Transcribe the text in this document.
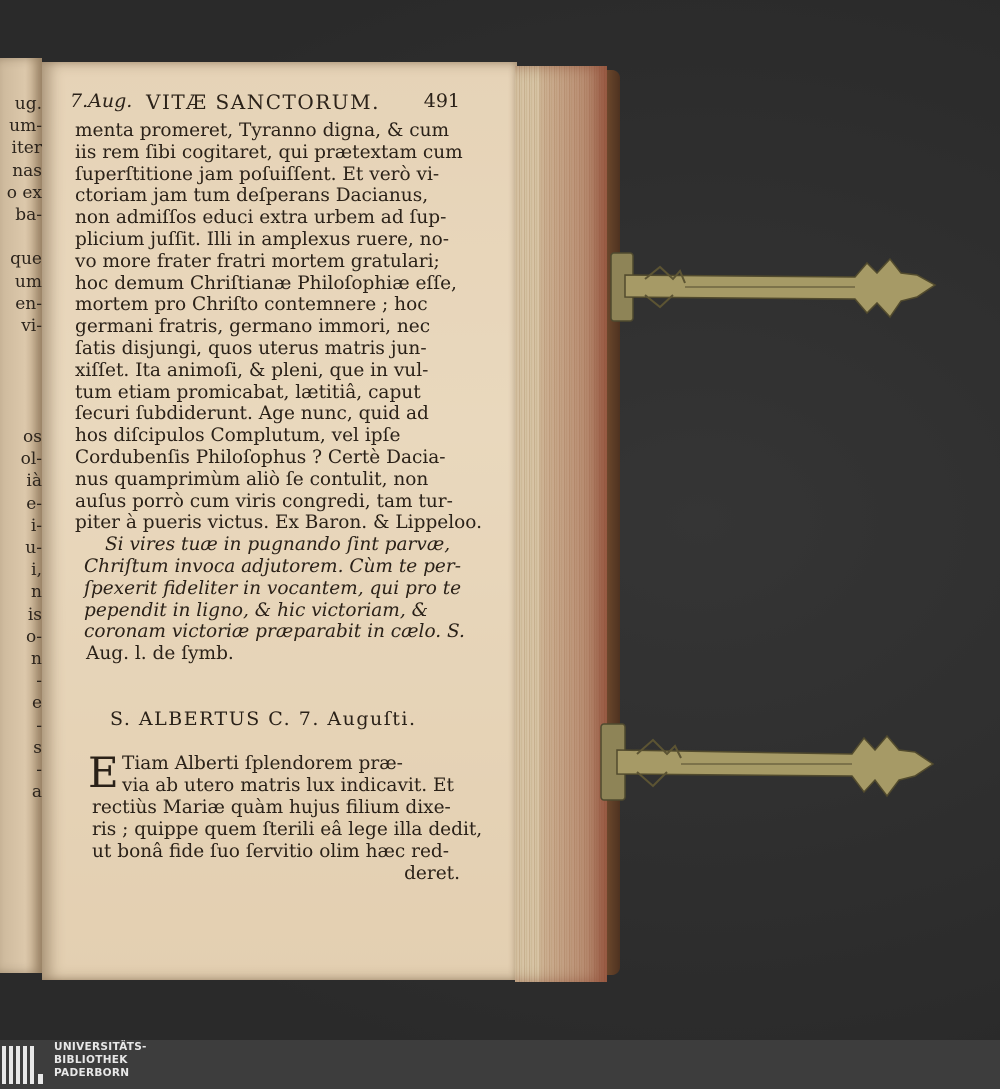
ug.
um-
iter
nas
o ex
ba-
que
um
en-
vi-
os
ol-
ià
e-
i-
u-
i,
n
is
o-
n
-
e
-
s
-
a
7.Aug. VITÆ SANCTORUM. 491
menta promeret, Tyranno digna, & cum
iis rem ſibi cogitaret, qui prætextam cum
ſuperſtitione jam poſuiſſent. Et verò vi-
ctoriam jam tum deſperans Dacianus,
non admiſſos educi extra urbem ad ſup-
plicium juſſit. Illi in amplexus ruere, no-
vo more frater fratri mortem gratulari;
hoc demum Chriſtianæ Philoſophiæ eſſe,
mortem pro Chriſto contemnere ; hoc
germani fratris, germano immori, nec
ſatis disjungi, quos uterus matris jun-
xiſſet. Ita animoſi, & pleni, que in vul-
tum etiam promicabat, lætitiâ, caput
ſecuri ſubdiderunt. Age nunc, quid ad
hos diſcipulos Complutum, vel ipſe
Cordubenſis Philoſophus ? Certè Dacia-
nus quamprimùm aliò ſe contulit, non
auſus porrò cum viris congredi, tam tur-
piter à pueris victus. Ex Baron. & Lippeloo.
Si vires tuæ in pugnando ſint parvæ,
Chriſtum invoca adjutorem. Cùm te per-
ſpexerit fideliter in vocantem, qui pro te
pependit in ligno, & hic victoriam, &
coronam victoriæ præparabit in cælo. S.
Aug. l. de ſymb.
S. ALBERTUS C. 7. Auguſti.
E Tiam Alberti ſplendorem præ-
via ab utero matris lux indicavit. Et
rectiùs Mariæ quàm hujus filium dixe-
ris ; quippe quem ſterili eâ lege illa dedit,
ut bonâ fide ſuo ſervitio olim hæc red-
deret.
UNIVERSITÄTS-
BIBLIOTHEK
PADERBORN
